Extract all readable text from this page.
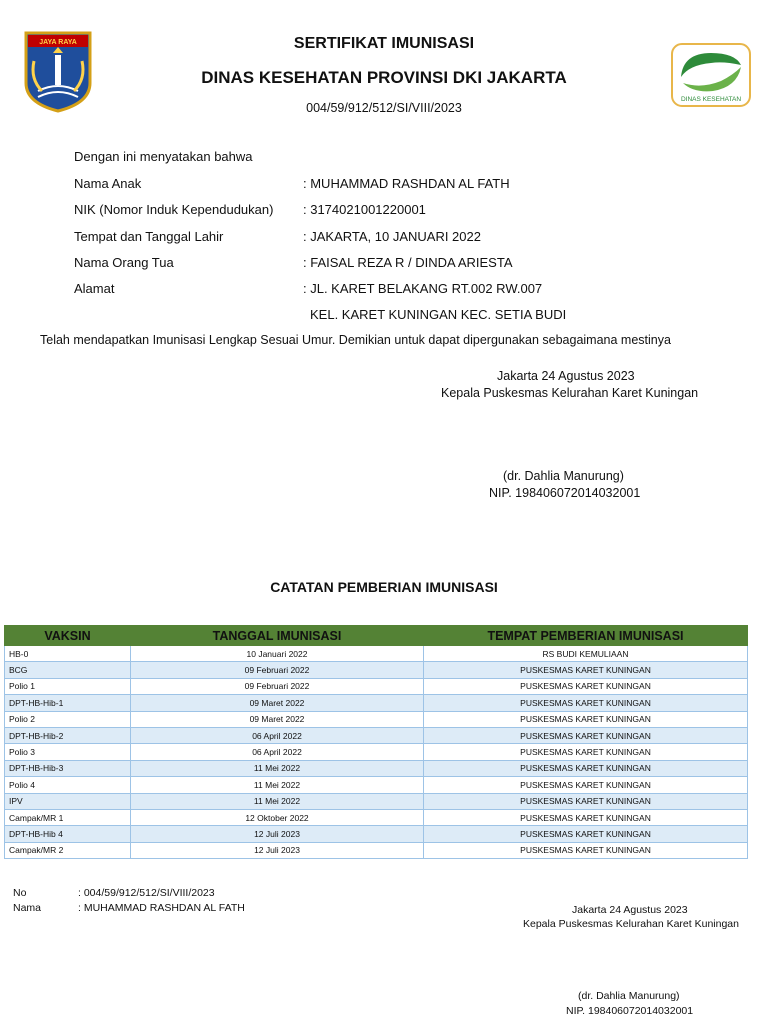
JAYA RAYA
DINAS KESEHATAN
SERTIFIKAT IMUNISASI
DINAS KESEHATAN PROVINSI DKI JAKARTA
004/59/912/512/SI/VIII/2023
Dengan ini menyatakan bahwa
Nama Anak	: MUHAMMAD RASHDAN AL FATH
NIK (Nomor Induk Kependudukan) : 3174021001220001
Tempat dan Tanggal Lahir	: JAKARTA, 10 JANUARI 2022
Nama Orang Tua	: FAISAL REZA R / DINDA ARIESTA
Alamat	: JL. KARET BELAKANG RT.002 RW.007
KEL. KARET KUNINGAN KEC. SETIA BUDI
Telah mendapatkan Imunisasi Lengkap Sesuai Umur. Demikian untuk dapat dipergunakan sebagaimana mestinya
Jakarta 24 Agustus 2023
Kepala Puskesmas Kelurahan Karet Kuningan
(dr. Dahlia Manurung)
NIP. 198406072014032001
CATATAN PEMBERIAN IMUNISASI
VAKSIN	TANGGAL IMUNISASI	TEMPAT PEMBERIAN IMUNISASI
HB-0	10 Januari 2022	RS BUDI KEMULIAAN
BCG	09 Februari 2022	PUSKESMAS KARET KUNINGAN
Polio 1	09 Februari 2022	PUSKESMAS KARET KUNINGAN
DPT-HB-Hib-1	09 Maret 2022	PUSKESMAS KARET KUNINGAN
Polio 2	09 Maret 2022	PUSKESMAS KARET KUNINGAN
DPT-HB-Hib-2	06 April 2022	PUSKESMAS KARET KUNINGAN
Polio 3	06 April 2022	PUSKESMAS KARET KUNINGAN
DPT-HB-Hib-3	11 Mei 2022	PUSKESMAS KARET KUNINGAN
Polio 4	11 Mei 2022	PUSKESMAS KARET KUNINGAN
IPV	11 Mei 2022	PUSKESMAS KARET KUNINGAN
Campak/MR 1	12 Oktober 2022	PUSKESMAS KARET KUNINGAN
DPT-HB-Hib 4	12 Juli 2023	PUSKESMAS KARET KUNINGAN
Campak/MR 2	12 Juli 2023	PUSKESMAS KARET KUNINGAN
No	: 004/59/912/512/SI/VIII/2023
Nama	: MUHAMMAD RASHDAN AL FATH	Jakarta 24 Agustus 2023
Kepala Puskesmas Kelurahan Karet Kuningan
(dr. Dahlia Manurung)
NIP. 198406072014032001
